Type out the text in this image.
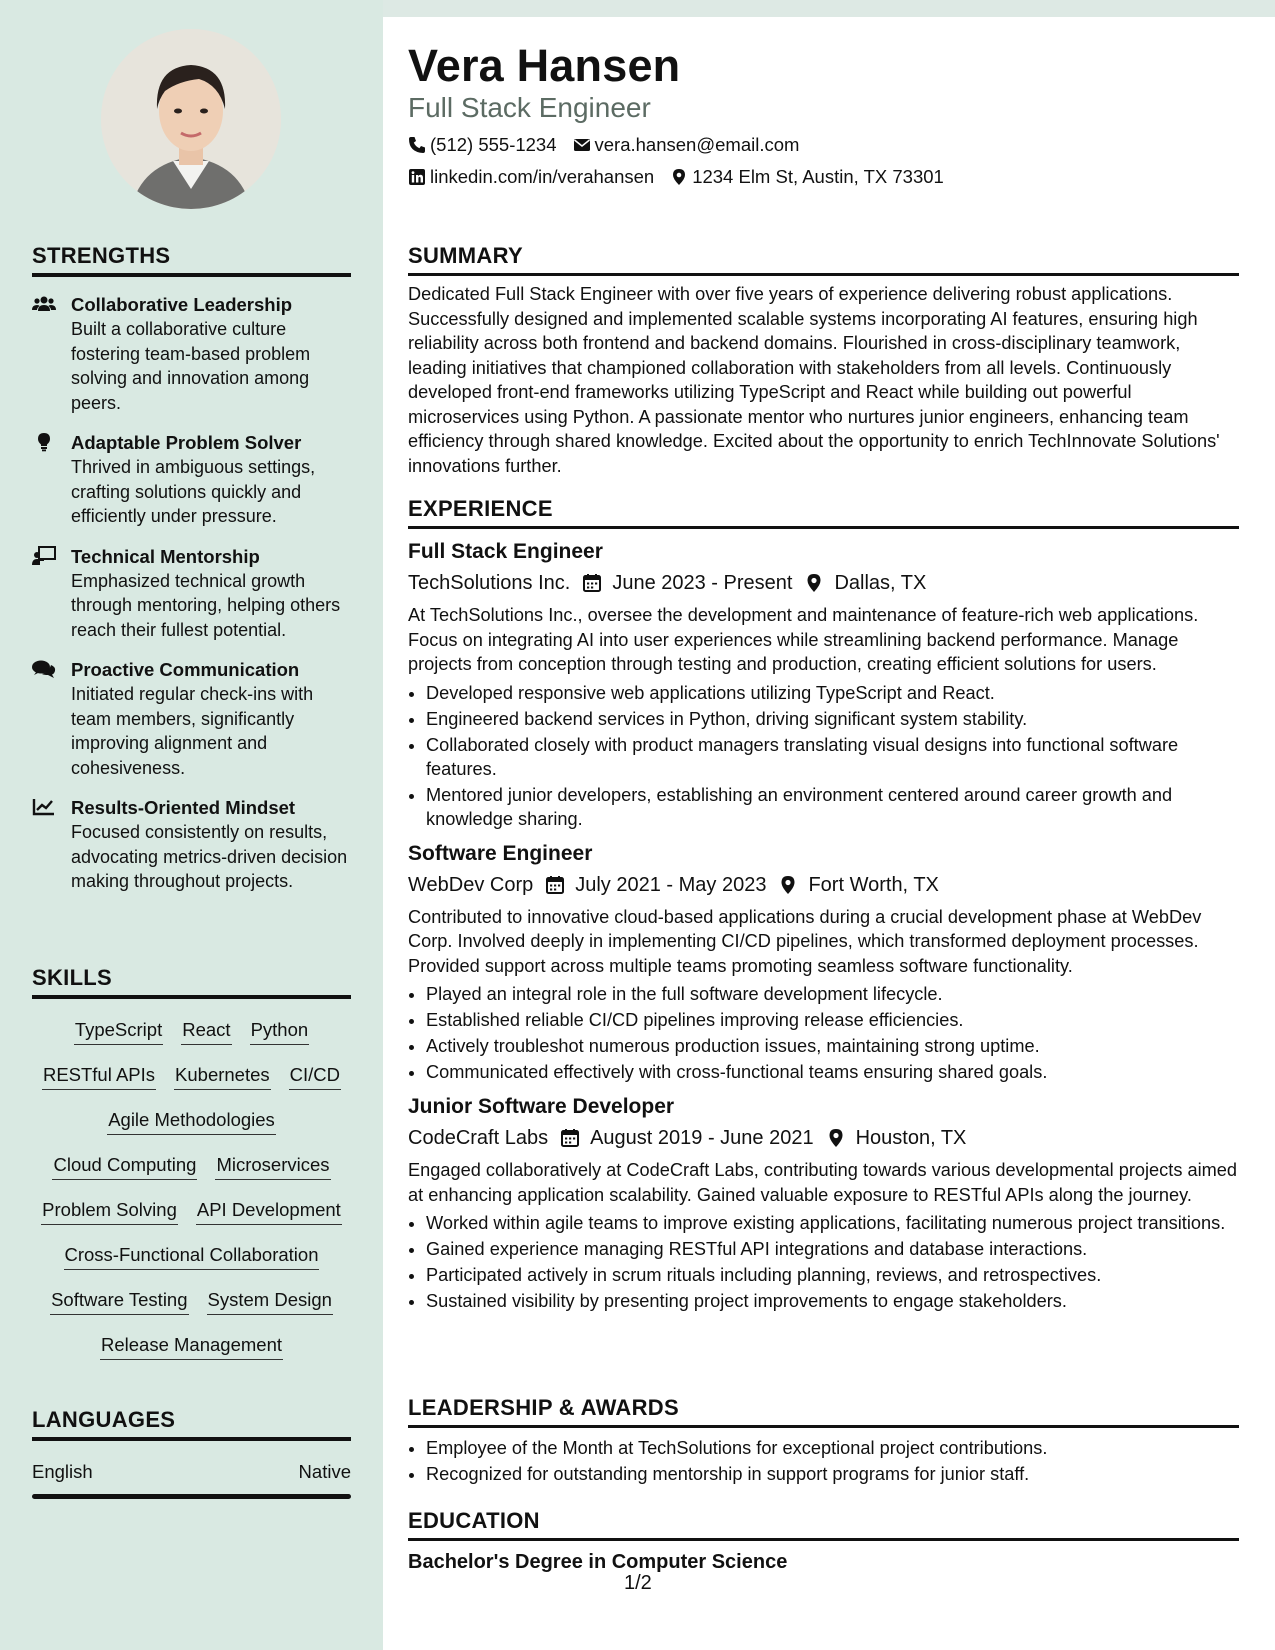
STRENGTHS
Collaborative Leadership
Built a collaborative culture fostering team-based problem solving and innovation among peers.
Adaptable Problem Solver
Thrived in ambiguous settings, crafting solutions quickly and efficiently under pressure.
Technical Mentorship
Emphasized technical growth through mentoring, helping others reach their fullest potential.
Proactive Communication
Initiated regular check-ins with team members, significantly improving alignment and cohesiveness.
Results-Oriented Mindset
Focused consistently on results, advocating metrics-driven decision making throughout projects.
SKILLS
TypeScript React Python
RESTful APIs Kubernetes CI/CD
Agile Methodologies
Cloud Computing Microservices
Problem Solving API Development
Cross-Functional Collaboration
Software Testing System Design
Release Management
LANGUAGES
English	Native
Vera Hansen
Full Stack Engineer
(512) 555-1234 vera.hansen@email.com
linkedin.com/in/verahansen 1234 Elm St, Austin, TX 73301
SUMMARY

Dedicated Full Stack Engineer with over five years of experience delivering robust applications. Successfully designed and implemented scalable systems incorporating AI features, ensuring high reliability across both frontend and backend domains. Flourished in cross-disciplinary teamwork, leading initiatives that championed collaboration with stakeholders from all levels. Continuously developed front-end frameworks utilizing TypeScript and React while building out powerful microservices using Python. A passionate mentor who nurtures junior engineers, enhancing team efficiency through shared knowledge. Excited about the opportunity to enrich TechInnovate Solutions' innovations further.

EXPERIENCE
Full Stack Engineer
TechSolutions Inc. June 2023 - Present Dallas, TX

At TechSolutions Inc., oversee the development and maintenance of feature-rich web applications. Focus on integrating AI into user experiences while streamlining backend performance. Manage projects from conception through testing and production, creating efficient solutions for users.

• Developed responsive web applications utilizing TypeScript and React.
• Engineered backend services in Python, driving significant system stability.
• Collaborated closely with product managers translating visual designs into functional software features.
• Mentored junior developers, establishing an environment centered around career growth and knowledge sharing.
Software Engineer
WebDev Corp July 2021 - May 2023 Fort Worth, TX

Contributed to innovative cloud-based applications during a crucial development phase at WebDev Corp. Involved deeply in implementing CI/CD pipelines, which transformed deployment processes. Provided support across multiple teams promoting seamless software functionality.

• Played an integral role in the full software development lifecycle.
• Established reliable CI/CD pipelines improving release efficiencies.
• Actively troubleshot numerous production issues, maintaining strong uptime.
• Communicated effectively with cross-functional teams ensuring shared goals.
Junior Software Developer
CodeCraft Labs August 2019 - June 2021 Houston, TX

Engaged collaboratively at CodeCraft Labs, contributing towards various developmental projects aimed at enhancing application scalability. Gained valuable exposure to RESTful APIs along the journey.

• Worked within agile teams to improve existing applications, facilitating numerous project transitions.
• Gained experience managing RESTful API integrations and database interactions.
• Participated actively in scrum rituals including planning, reviews, and retrospectives.
• Sustained visibility by presenting project improvements to engage stakeholders.
LEADERSHIP & AWARDS
• Employee of the Month at TechSolutions for exceptional project contributions.
• Recognized for outstanding mentorship in support programs for junior staff.
EDUCATION
Bachelor's Degree in Computer Science
1/2
